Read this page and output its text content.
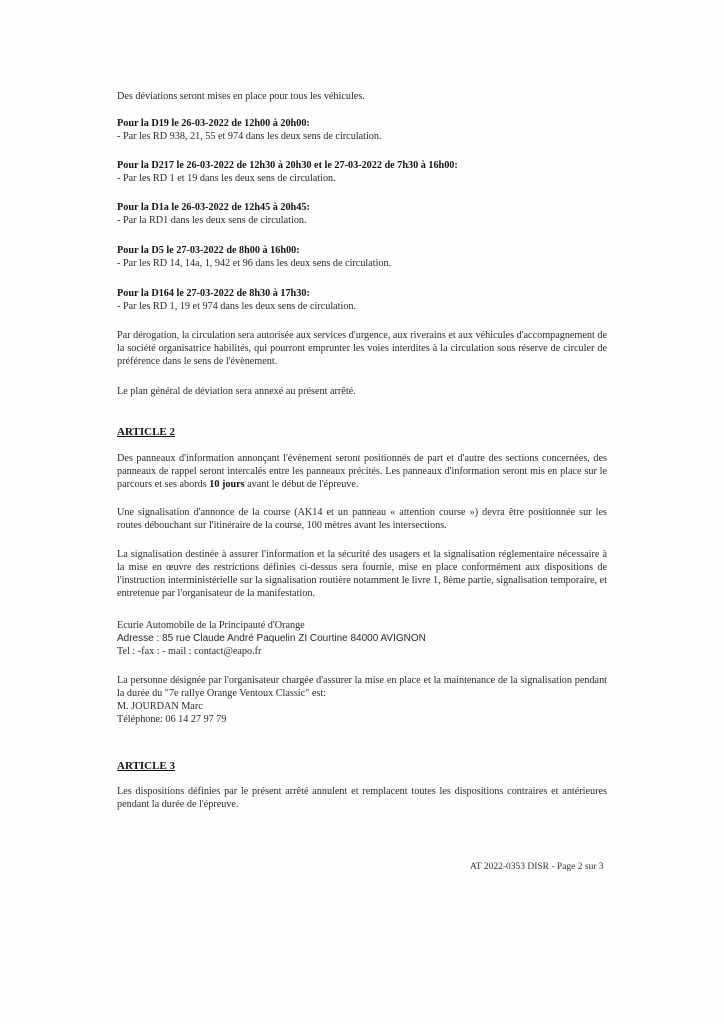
Des déviations seront mises en place pour tous les véhicules.

Pour la D19 le 26-03-2022 de 12h00 à 20h00:

- Par les RD 938, 21, 55 et 974 dans les deux sens de circulation.

Pour la D217 le 26-03-2022 de 12h30 à 20h30 et le 27-03-2022 de 7h30 à 16h00:

- Par les RD 1 et 19 dans les deux sens de circulation.

Pour la D1a le 26-03-2022 de 12h45 à 20h45:

- Par la RD1 dans les deux sens de circulation.

Pour la D5 le 27-03-2022 de 8h00 à 16h00:

- Par les RD 14, 14a, 1, 942 et 96 dans les deux sens de circulation.

Pour la D164 le 27-03-2022 de 8h30 à 17h30:

- Par les RD 1, 19 et 974 dans les deux sens de circulation.

Par dérogation, la circulation sera autorisée aux services d'urgence, aux riverains et aux véhicules d'accompagnement de la société organisatrice habilités, qui pourront emprunter les voies interdites à la circulation sous réserve de circuler de préférence dans le sens de l'évènement.

Le plan général de déviation sera annexé au présent arrêté.

ARTICLE 2

Des panneaux d'information annonçant l'évènement seront positionnés de part et d'autre des sections concernées, des panneaux de rappel seront intercalés entre les panneaux précités. Les panneaux d'information seront mis en place sur le parcours et ses abords 10 jours avant le début de l'épreuve.

Une signalisation d'annonce de la course (AK14 et un panneau « attention course ») devra être positionnée sur les routes débouchant sur l'itinéraire de la course, 100 mètres avant les intersections.

La signalisation destinée à assurer l'information et la sécurité des usagers et la signalisation réglementaire nécessaire à la mise en œuvre des restrictions définies ci-dessus sera fournie, mise en place conformément aux dispositions de l'instruction interministérielle sur la signalisation routière notamment le livre 1, 8ème partie, signalisation temporaire, et entretenue par l'organisateur de la manifestation.

Ecurie Automobile de la Principauté d'Orange

Adresse : 85 rue Claude André Paquelin ZI Courtine 84000 AVIGNON

Tel : -fax : - mail : contact@eapo.fr

La personne désignée par l'organisateur chargée d'assurer la mise en place et la maintenance de la signalisation pendant la durée du "7e rallye Orange Ventoux Classic" est:

M. JOURDAN Marc

Téléphone: 06 14 27 97 79

ARTICLE 3

Les dispositions définies par le présent arrêté annulent et remplacent toutes les dispositions contraires et antérieures pendant la durée de l'épreuve.

AT 2022-0353 DISR - Page 2 sur 3
